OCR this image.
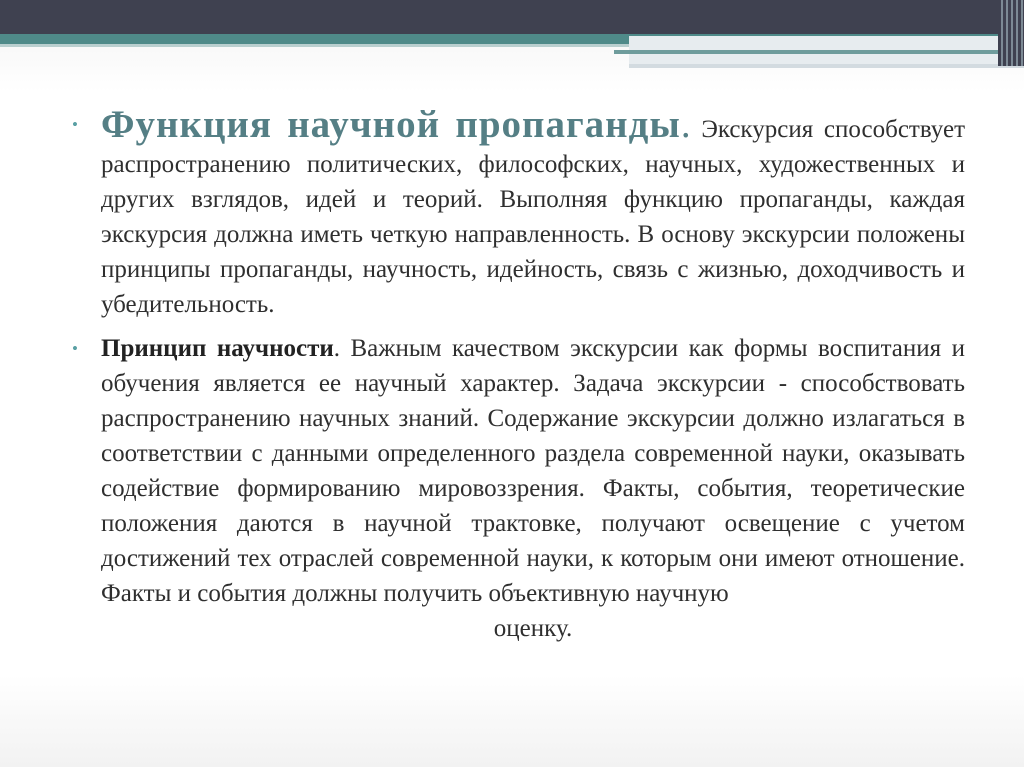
• Функция научной пропаганды. Экскурсия способствует распространению политических, философских, научных, художественных и других взглядов, идей и теорий. Выполняя функцию пропаганды, каждая экскурсия должна иметь четкую направленность. В основу экскурсии положены принципы пропаганды, научность, идейность, связь с жизнью, доходчивость и убедительность.
• Принцип научности. Важным качеством экскурсии как формы воспитания и обучения является ее научный характер. Задача экскурсии - способствовать распространению научных знаний. Содержание экскурсии должно излагаться в соответствии с данными определенного раздела современной науки, оказывать содействие формированию мировоззрения. Факты, события, теоретические положения даются в научной трактовке, получают освещение с учетом достижений тех отраслей современной науки, к которым они имеют отношение. Факты и события должны получить объективную научную
оценку.
